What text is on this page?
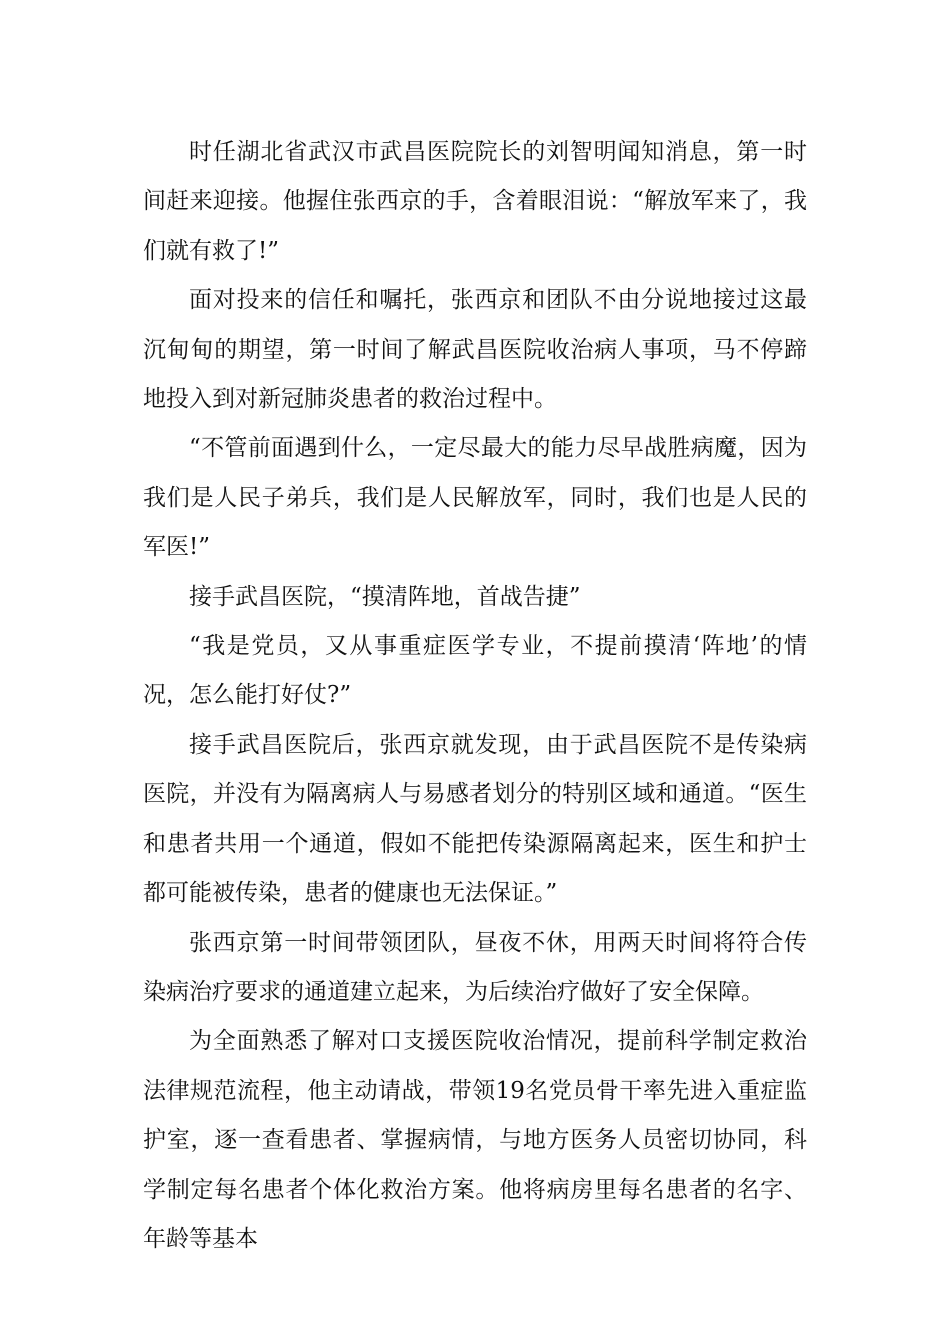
时任湖北省武汉市武昌医院院长的刘智明闻知消息，第一时间赶来迎接。他握住张西京的手，含着眼泪说：“解放军来了，我们就有救了!”

面对投来的信任和嘱托，张西京和团队不由分说地接过这最沉甸甸的期望，第一时间了解武昌医院收治病人事项，马不停蹄地投入到对新冠肺炎患者的救治过程中。

“不管前面遇到什么，一定尽最大的能力尽早战胜病魔，因为我们是人民子弟兵，我们是人民解放军，同时，我们也是人民的军医!”

接手武昌医院，“摸清阵地，首战告捷”

“我是党员，又从事重症医学专业，不提前摸清‘阵地’的情况，怎么能打好仗?”

接手武昌医院后，张西京就发现，由于武昌医院不是传染病医院，并没有为隔离病人与易感者划分的特别区域和通道。“医生和患者共用一个通道，假如不能把传染源隔离起来，医生和护士都可能被传染，患者的健康也无法保证。”

张西京第一时间带领团队，昼夜不休，用两天时间将符合传染病治疗要求的通道建立起来，为后续治疗做好了安全保障。

为全面熟悉了解对口支援医院收治情况，提前科学制定救治法律规范流程，他主动请战，带领19名党员骨干率先进入重症监护室，逐一查看患者、掌握病情，与地方医务人员密切协同，科学制定每名患者个体化救治方案。他将病房里每名患者的名字、年龄等基本
